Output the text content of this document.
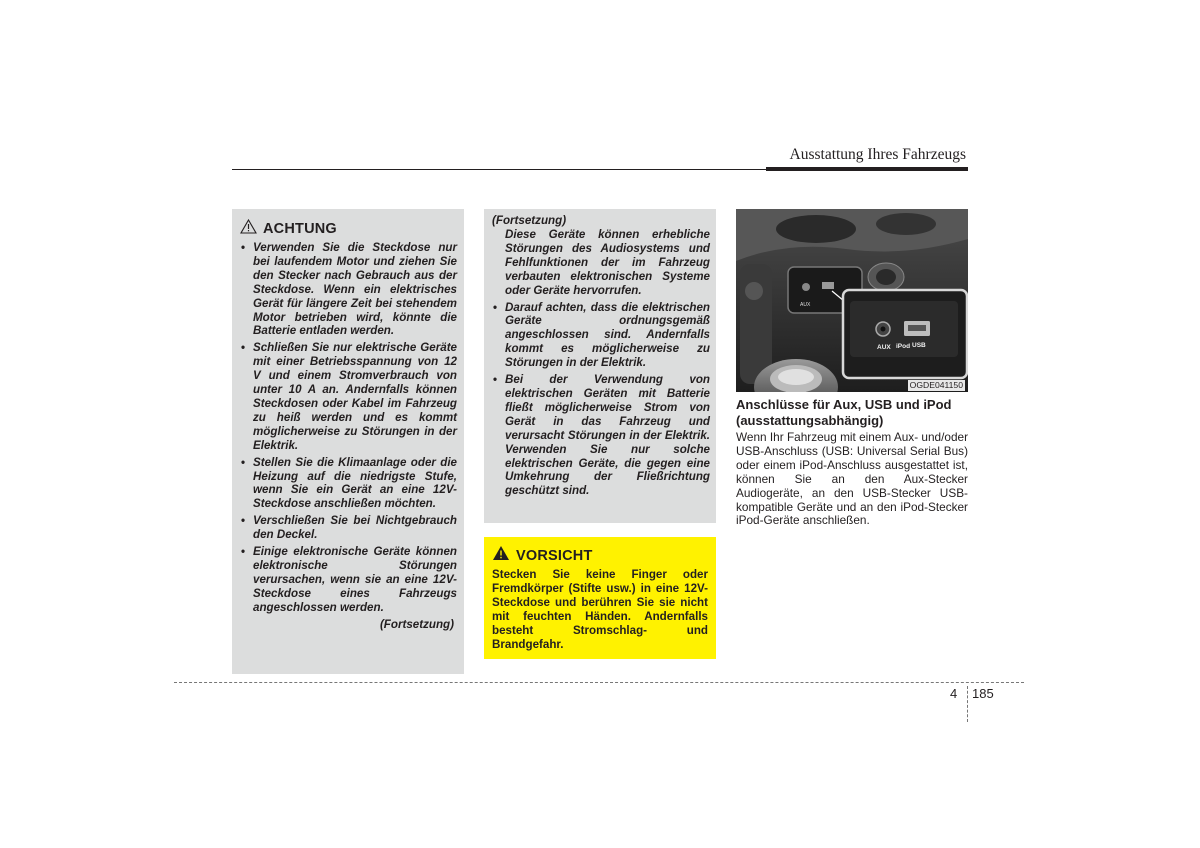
Ausstattung Ihres Fahrzeugs
ACHTUNG
• Verwenden Sie die Steckdose nur bei laufendem Motor und ziehen Sie den Stecker nach Gebrauch aus der Steckdose. Wenn ein elektrisches Gerät für längere Zeit bei stehendem Motor betrieben wird, könnte die Batterie entladen werden.
• Schließen Sie nur elektrische Geräte mit einer Betriebsspannung von 12 V und einem Stromverbrauch von unter 10 A an. Andernfalls können Steckdosen oder Kabel im Fahrzeug zu heiß werden und es kommt möglicherweise zu Störungen in der Elektrik.
• Stellen Sie die Klimaanlage oder die Heizung auf die niedrigste Stufe, wenn Sie ein Gerät an eine 12V-Steckdose anschließen möchten.
• Verschließen Sie bei Nichtgebrauch den Deckel.
• Einige elektronische Geräte können elektronische Störungen verursachen, wenn sie an eine 12V-Steckdose eines Fahrzeugs angeschlossen werden.
(Fortsetzung)
(Fortsetzung)
Diese Geräte können erhebliche Störungen des Audiosystems und Fehlfunktionen der im Fahrzeug verbauten elektronischen Systeme oder Geräte hervorrufen.
• Darauf achten, dass die elektrischen Geräte ordnungsgemäß angeschlossen sind. Andernfalls kommt es möglicherweise zu Störungen in der Elektrik.
• Bei der Verwendung von elektrischen Geräten mit Batterie fließt möglicherweise Strom von Gerät in das Fahrzeug und verursacht Störungen in der Elektrik. Verwenden Sie nur solche elektrischen Geräte, die gegen eine Umkehrung der Fließrichtung geschützt sind.
VORSICHT
Stecken Sie keine Finger oder Fremdkörper (Stifte usw.) in eine 12V-Steckdose und berühren Sie sie nicht mit feuchten Händen. Andernfalls besteht Stromschlag- und Brandgefahr.
AUX
AUX iPod USB
OGDE041150
Anschlüsse für Aux, USB und iPod (ausstattungsabhängig)
Wenn Ihr Fahrzeug mit einem Aux- und/oder USB-Anschluss (USB: Universal Serial Bus) oder einem iPod-Anschluss ausgestattet ist, können Sie an den Aux-Stecker Audiogeräte, an den USB-Stecker USB-kompatible Geräte und an den iPod-Stecker iPod-Geräte anschließen.
4 185
